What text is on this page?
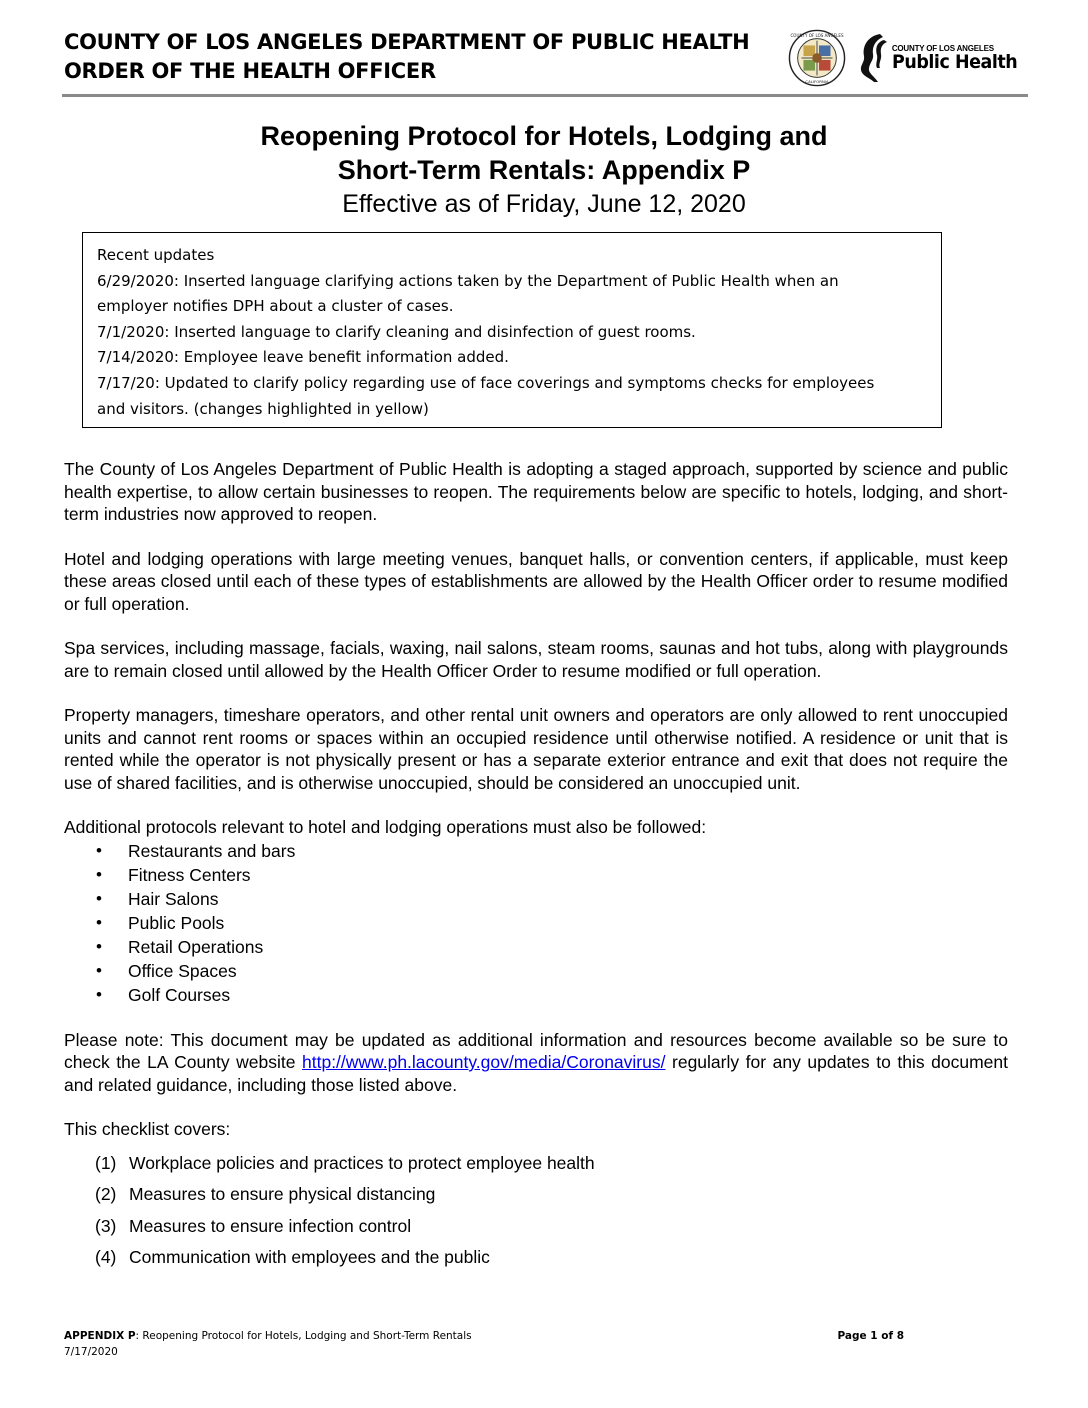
COUNTY OF LOS ANGELES DEPARTMENT OF PUBLIC HEALTH
ORDER OF THE HEALTH OFFICER
COUNTY OF LOS ANGELES
CALIFORNIA
COUNTY OF LOS ANGELES
Public Health
Reopening Protocol for Hotels, Lodging and
Short-Term Rentals: Appendix P
Effective as of Friday, June 12, 2020
Recent updates
6/29/2020: Inserted language clarifying actions taken by the Department of Public Health when an
employer notifies DPH about a cluster of cases.
7/1/2020: Inserted language to clarify cleaning and disinfection of guest rooms.
7/14/2020: Employee leave benefit information added.
7/17/20: Updated to clarify policy regarding use of face coverings and symptoms checks for employees
and visitors. (changes highlighted in yellow)

The County of Los Angeles Department of Public Health is adopting a staged approach, supported by science and public health expertise, to allow certain businesses to reopen. The requirements below are specific to hotels, lodging, and short-term industries now approved to reopen.

Hotel and lodging operations with large meeting venues, banquet halls, or convention centers, if applicable, must keep these areas closed until each of these types of establishments are allowed by the Health Officer order to resume modified or full operation.

Spa services, including massage, facials, waxing, nail salons, steam rooms, saunas and hot tubs, along with playgrounds are to remain closed until allowed by the Health Officer Order to resume modified or full operation.

Property managers, timeshare operators, and other rental unit owners and operators are only allowed to rent unoccupied units and cannot rent rooms or spaces within an occupied residence until otherwise notified. A residence or unit that is rented while the operator is not physically present or has a separate exterior entrance and exit that does not require the use of shared facilities, and is otherwise unoccupied, should be considered an unoccupied unit.

Additional protocols relevant to hotel and lodging operations must also be followed:

• Restaurants and bars
• Fitness Centers
• Hair Salons
• Public Pools
• Retail Operations
• Office Spaces
• Golf Courses

Please note: This document may be updated as additional information and resources become available so be sure to check the LA County website http://www.ph.lacounty.gov/media/Coronavirus/ regularly for any updates to this document and related guidance, including those listed above.

This checklist covers:

(1) Workplace policies and practices to protect employee health
(2) Measures to ensure physical distancing
(3) Measures to ensure infection control
(4) Communication with employees and the public
APPENDIX P: Reopening Protocol for Hotels, Lodging and Short-Term Rentals
7/17/2020
Page 1 of 8
